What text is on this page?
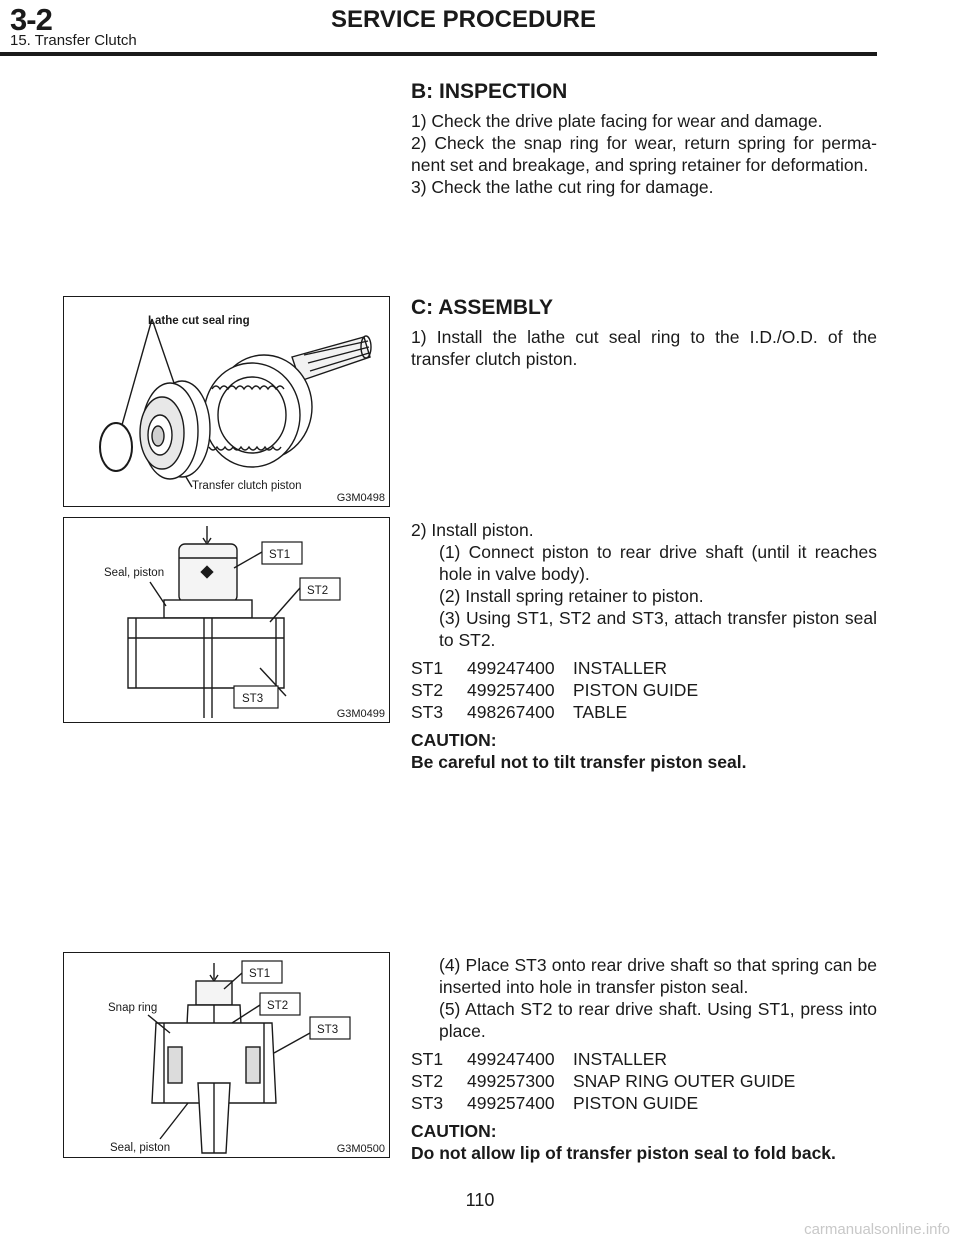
3-2	SERVICE PROCEDURE
15. Transfer Clutch
B: INSPECTION

1) Check the drive plate facing for wear and damage.

2) Check the snap ring for wear, return spring for perma-nent set and breakage, and spring retainer for deformation.

3) Check the lathe cut ring for damage.

Lathe cut seal ring
Transfer clutch piston
G3M0498
C: ASSEMBLY

1) Install the lathe cut seal ring to the I.D./O.D. of the transfer clutch piston.

Seal, piston
ST1
ST2
ST3
G3M0499

2) Install piston.

(1) Connect piston to rear drive shaft (until it reaches hole in valve body).

(2) Install spring retainer to piston.

(3) Using ST1, ST2 and ST3, attach transfer piston seal to ST2.

ST1	499247400	INSTALLER
ST2	499257400	PISTON GUIDE
ST3	498267400	TABLE
CAUTION:
Be careful not to tilt transfer piston seal.
Snap ring
Seal, piston
ST1
ST2
ST3
G3M0500

(4) Place ST3 onto rear drive shaft so that spring can be inserted into hole in transfer piston seal.

(5) Attach ST2 to rear drive shaft. Using ST1, press into place.

ST1	499247400	INSTALLER
ST2	499257300	SNAP RING OUTER GUIDE
ST3	499257400	PISTON GUIDE
CAUTION:
Do not allow lip of transfer piston seal to fold back.
110
carmanualsonline.info
